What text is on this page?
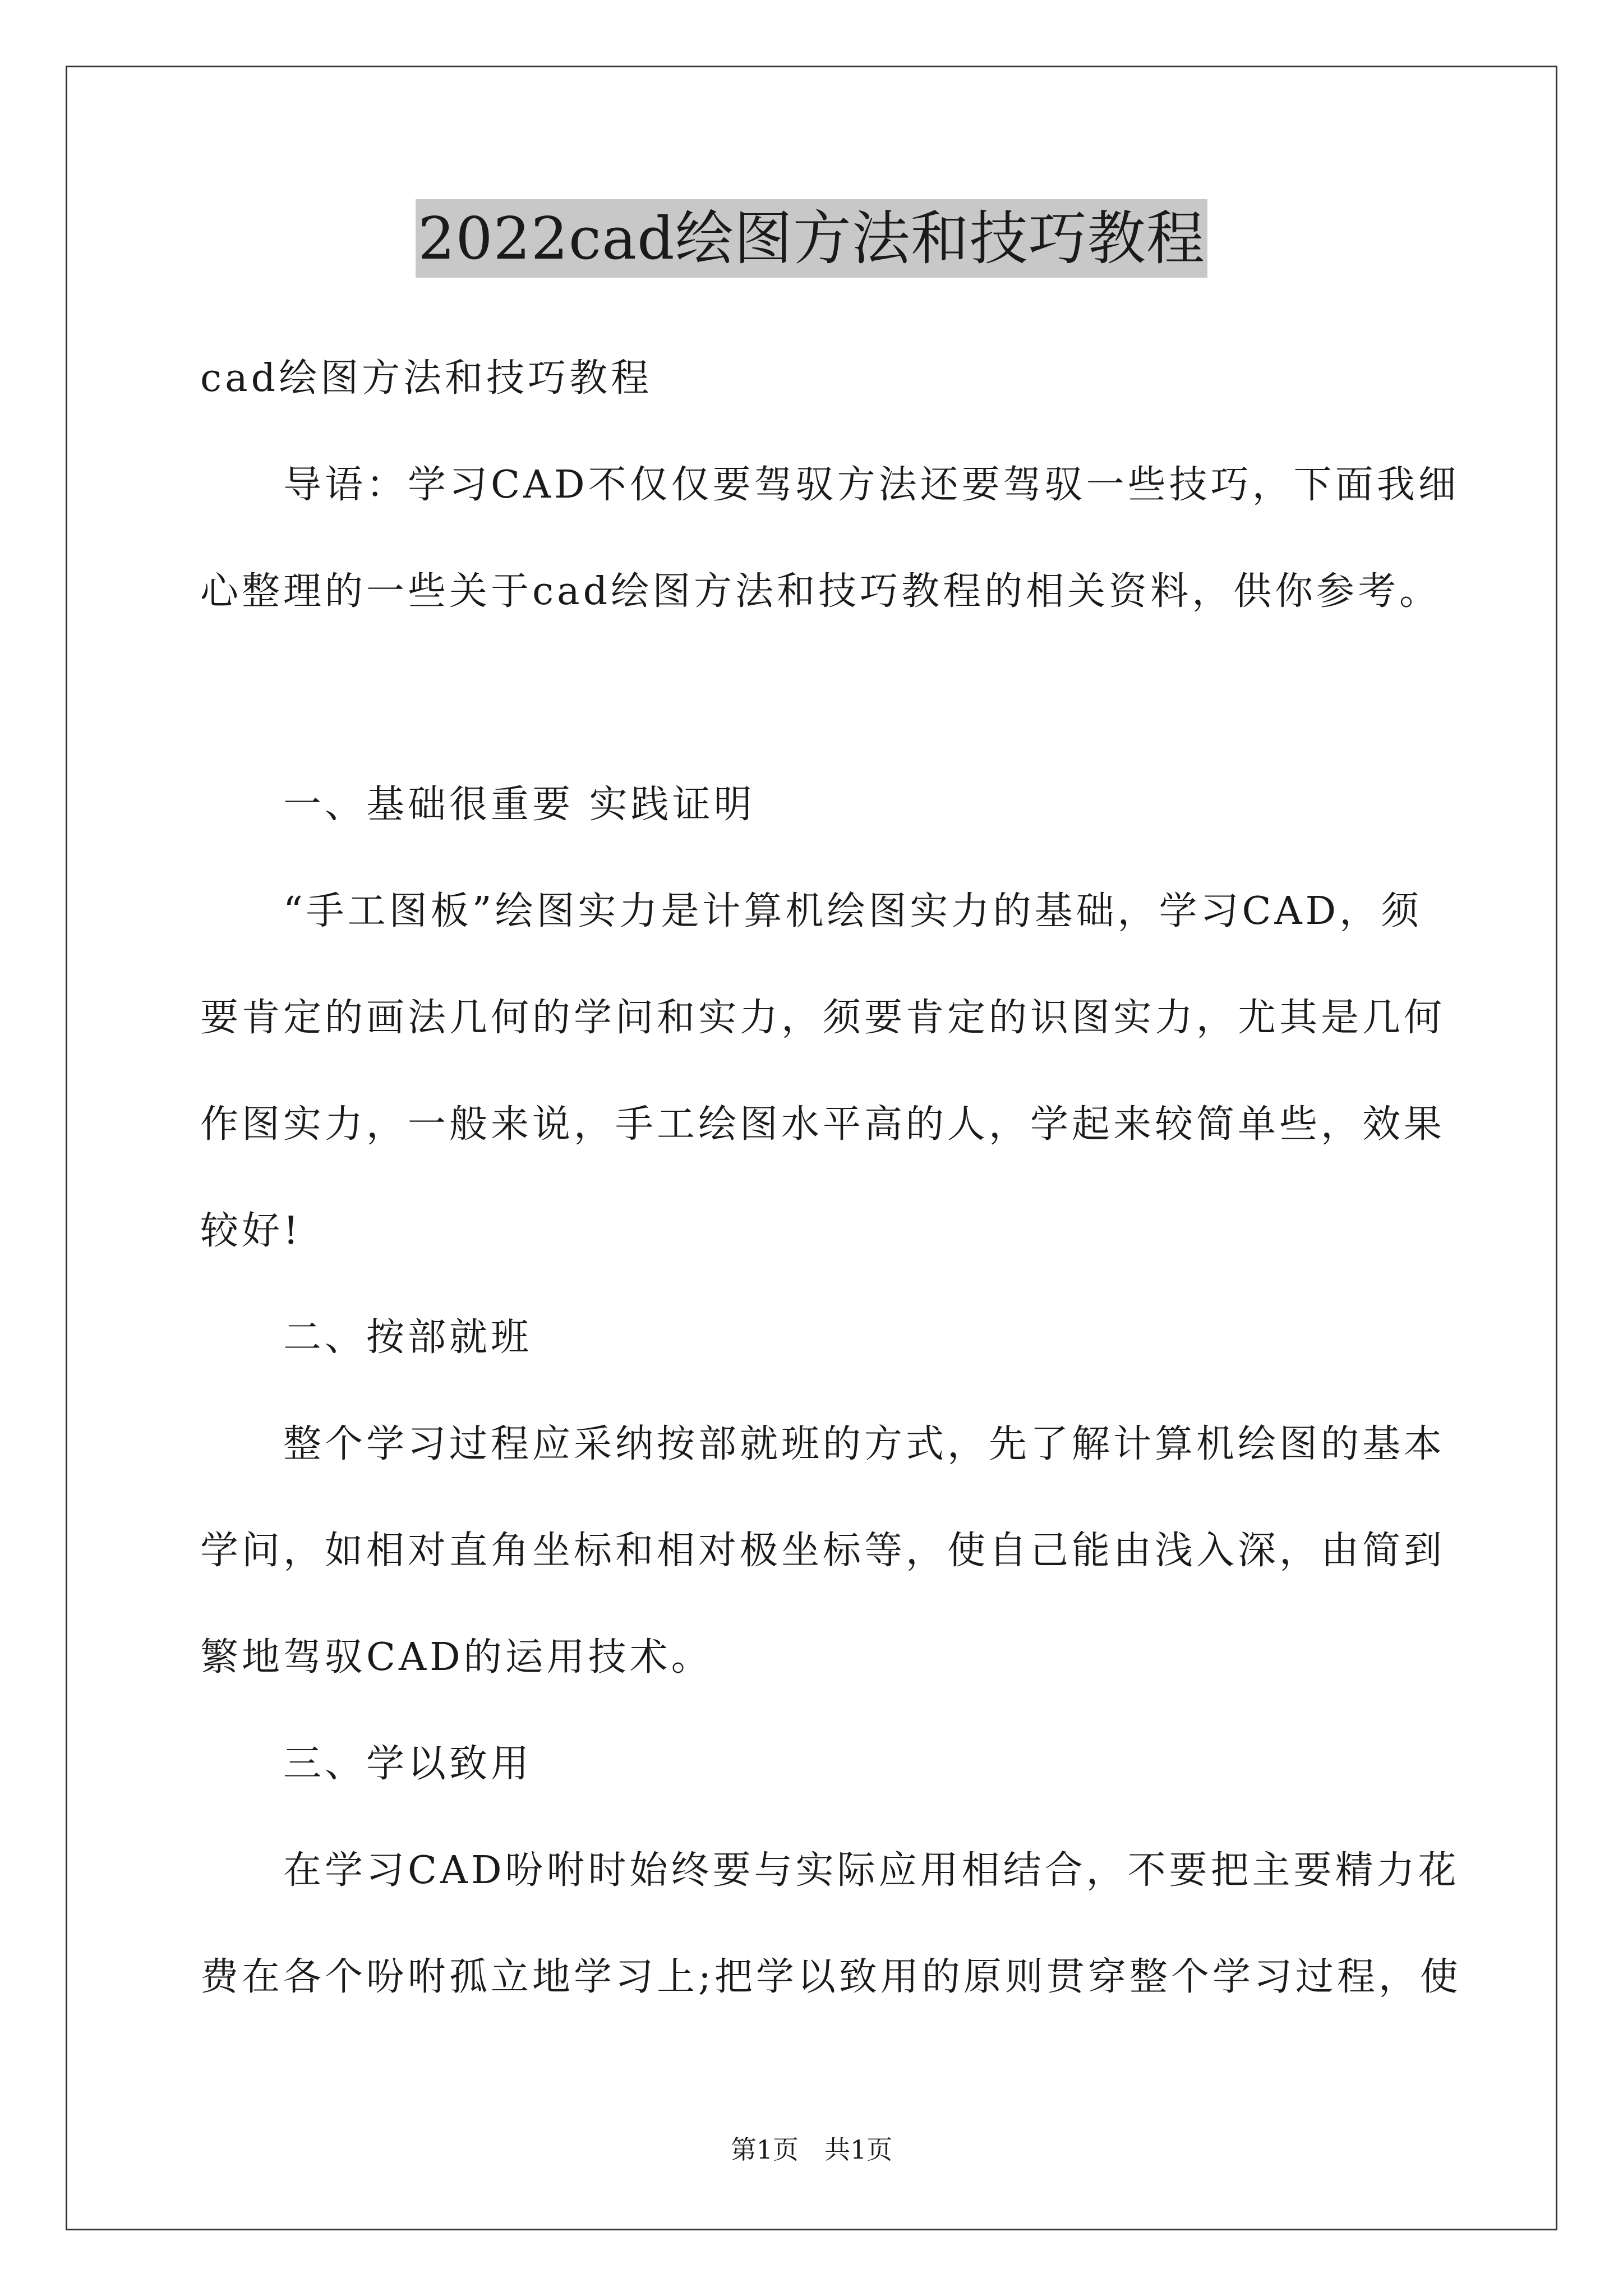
2022cad绘图方法和技巧教程
cad绘图方法和技巧教程
导语：学习CAD不仅仅要驾驭方法还要驾驭一些技巧，下面我细
心整理的一些关于cad绘图方法和技巧教程的相关资料，供你参考。
一、基础很重要 实践证明
“手工图板”绘图实力是计算机绘图实力的基础，学习CAD，须
要肯定的画法几何的学问和实力，须要肯定的识图实力，尤其是几何
作图实力，一般来说，手工绘图水平高的人，学起来较简单些，效果
较好!
二、按部就班
整个学习过程应采纳按部就班的方式，先了解计算机绘图的基本
学问，如相对直角坐标和相对极坐标等，使自己能由浅入深，由简到
繁地驾驭CAD的运用技术。
三、学以致用
在学习CAD吩咐时始终要与实际应用相结合，不要把主要精力花
费在各个吩咐孤立地学习上;把学以致用的原则贯穿整个学习过程，使
第1页　共1页
